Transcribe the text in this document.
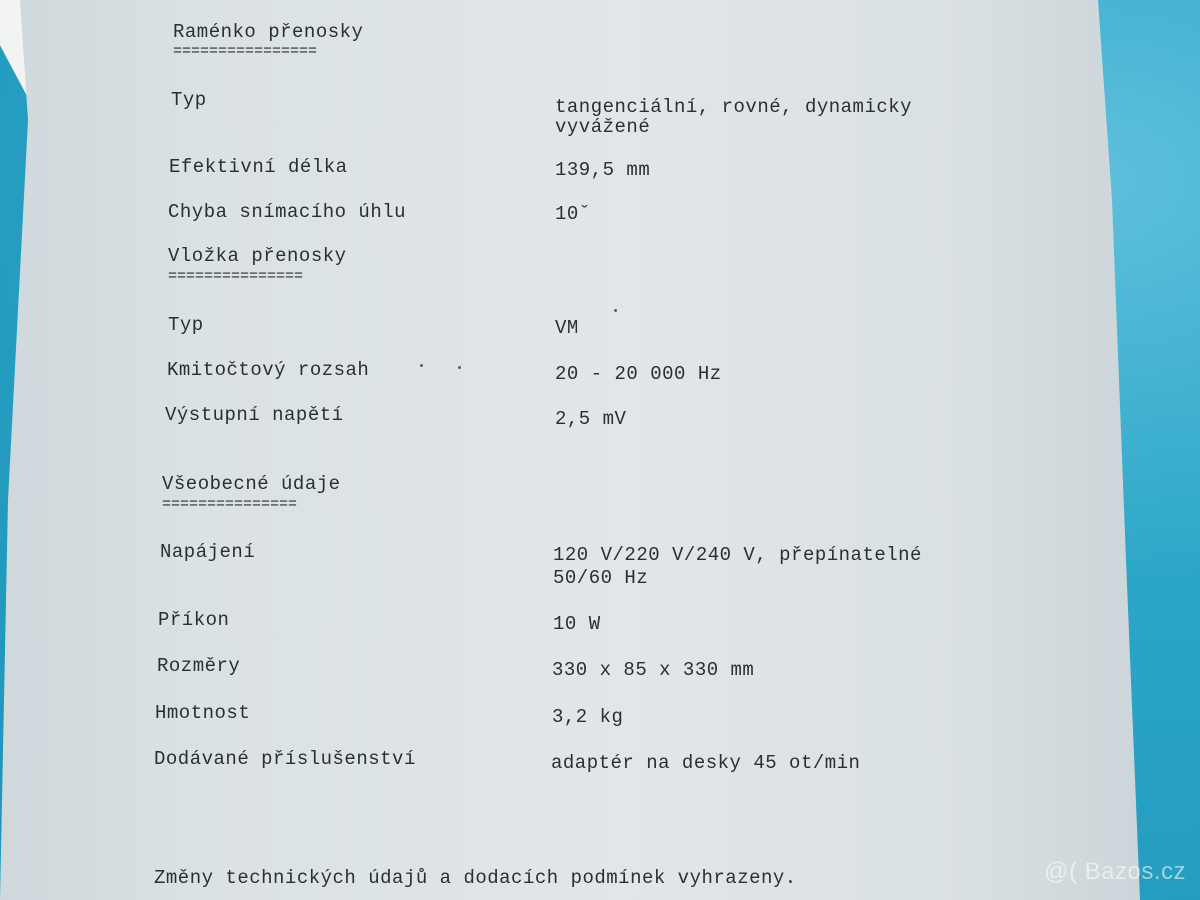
Raménko přenosky
================
Typ	tangenciální, rovné, dynamicky
vyvážené
Efektivní délka	139,5 mm
Chyba snímacího úhlu	10ˇ
Vložka přenosky
===============
Typ	VM
Kmitočtový rozsah	20 - 20 000 Hz
Výstupní napětí	2,5 mV
Všeobecné údaje
===============
Napájení	120 V/220 V/240 V, přepínatelné
50/60 Hz
Příkon	10 W
Rozměry	330 x 85 x 330 mm
Hmotnost	3,2 kg
Dodávané příslušenství	adaptér na desky 45 ot/min
Změny technických údajů a dodacích podmínek vyhrazeny.	@( Bazos.cz
